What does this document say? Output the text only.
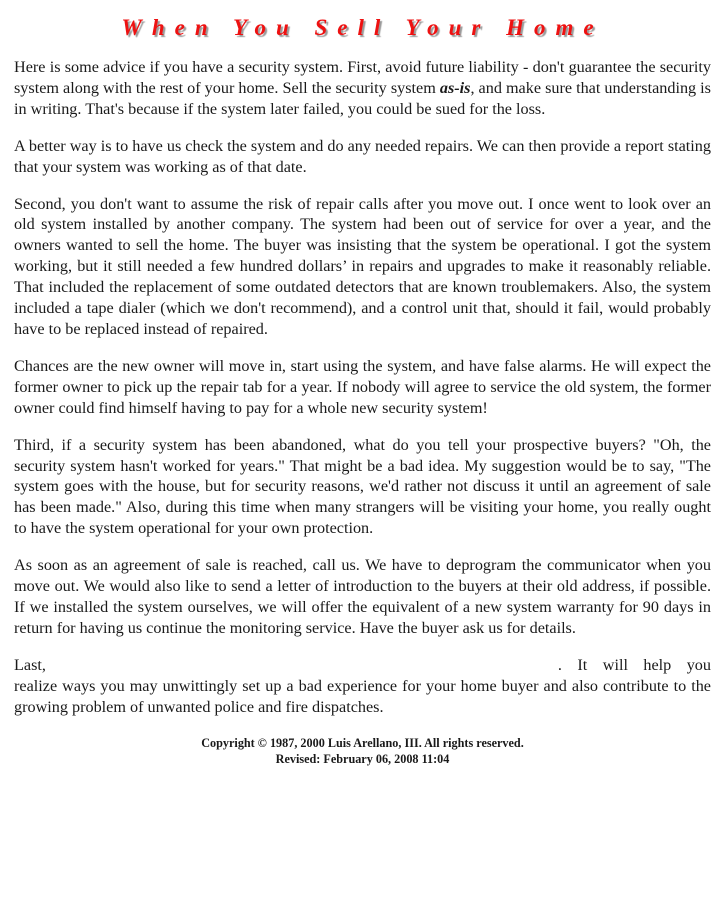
When You Sell Your Home

Here is some advice if you have a security system. First, avoid future liability - don't guarantee the security system along with the rest of your home. Sell the security system as-is, and make sure that understanding is in writing. That's because if the system later failed, you could be sued for the loss.

A better way is to have us check the system and do any needed repairs. We can then provide a report stating that your system was working as of that date.

Second, you don't want to assume the risk of repair calls after you move out. I once went to look over an old system installed by another company. The system had been out of service for over a year, and the owners wanted to sell the home. The buyer was insisting that the system be operational. I got the system working, but it still needed a few hundred dollars’ in repairs and upgrades to make it reasonably reliable. That included the replacement of some outdated detectors that are known troublemakers. Also, the system included a tape dialer (which we don't recommend), and a control unit that, should it fail, would probably have to be replaced instead of repaired.

Chances are the new owner will move in, start using the system, and have false alarms. He will expect the former owner to pick up the repair tab for a year. If nobody will agree to service the old system, the former owner could find himself having to pay for a whole new security system!

Third, if a security system has been abandoned, what do you tell your prospective buyers? "Oh, the security system hasn't worked for years." That might be a bad idea. My suggestion would be to say, "The system goes with the house, but for security reasons, we'd rather not discuss it until an agreement of sale has been made." Also, during this time when many strangers will be visiting your home, you really ought to have the system operational for your own protection.

As soon as an agreement of sale is reached, call us. We have to deprogram the communicator when you move out. We would also like to send a letter of introduction to the buyers at their old address, if possible. If we installed the system ourselves, we will offer the equivalent of a new system warranty for 90 days in return for having us continue the monitoring service. Have the buyer ask us for details.

Last,	. It will help you realize ways you may unwittingly set up a bad experience for your home buyer and also contribute to the growing problem of unwanted police and fire dispatches.

Copyright © 1987, 2000 Luis Arellano, III. All rights reserved.
Revised: February 06, 2008 11:04
